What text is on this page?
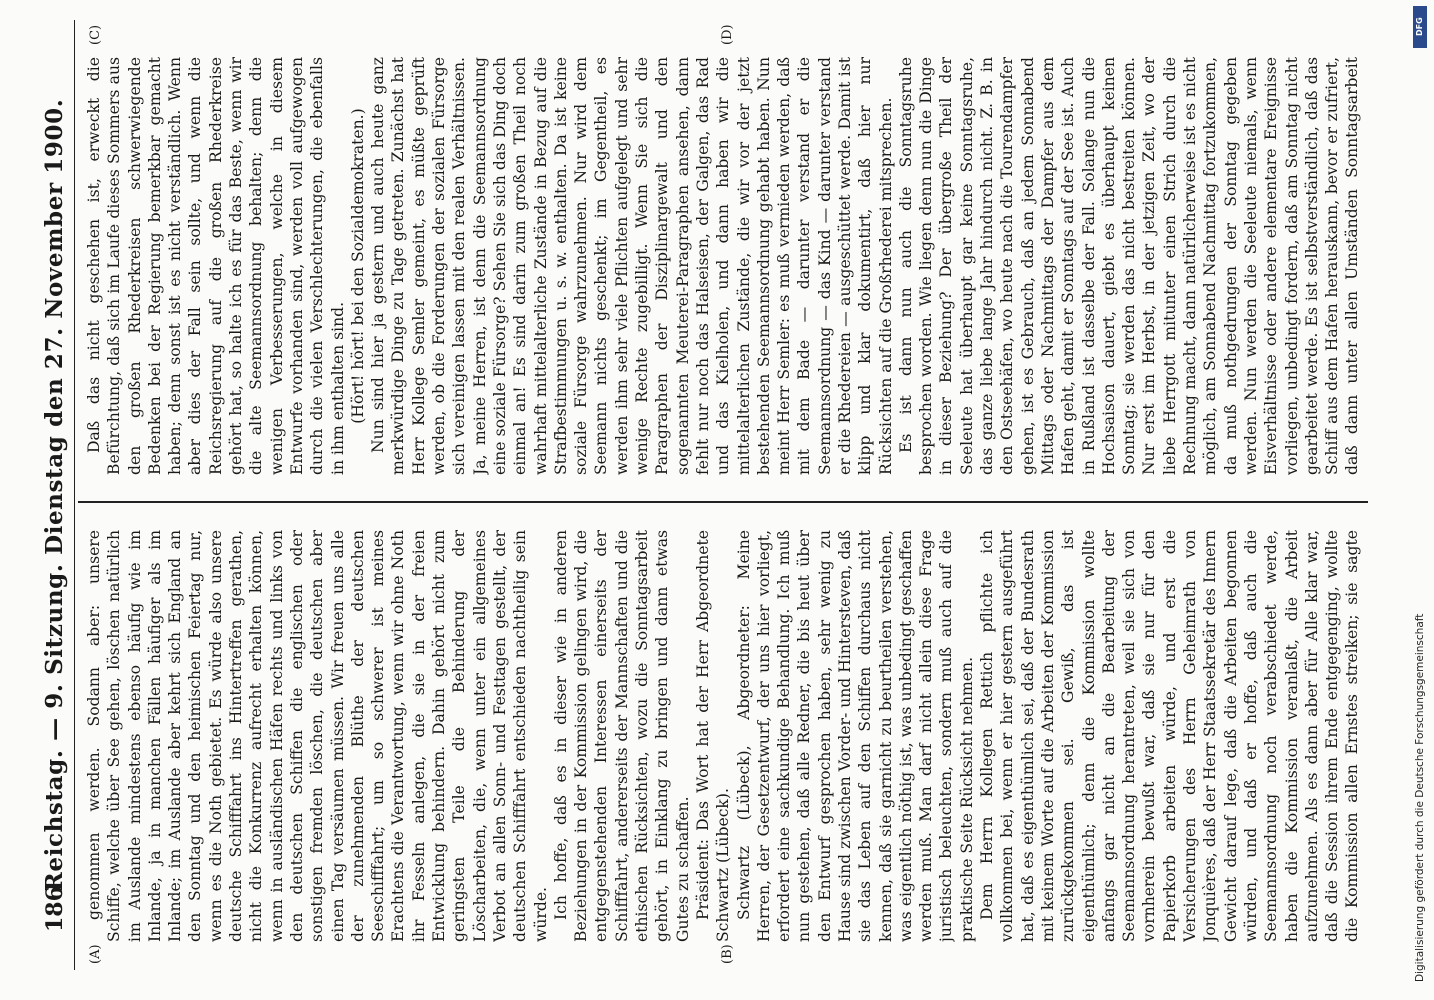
186
Reichstag. — 9. Sitzung. Dienstag den 27. November 1900.
(A)	(B)
(C)	(D)

genommen werden. Sodann aber: unsere Schiffe, welche über See gehen, löschen natürlich im Auslande mindestens ebenso häufig wie im Inlande, ja in manchen Fällen häufiger als im Inlande; im Auslande aber kehrt sich England an den Sonntag und den heimischen Feiertag nur, wenn es die Noth gebietet. Es würde also unsere deutsche Schifffahrt ins Hintertreffen gerathen, nicht die Konkurrenz aufrecht erhalten können, wenn in ausländischen Häfen rechts und links von den deutschen Schiffen die englischen oder sonstigen fremden löschen, die deutschen aber einen Tag versäumen müssen. Wir freuen uns alle der zunehmenden Blüthe der deutschen Seeschifffahrt; um so schwerer ist meines Erachtens die Verantwortung, wenn wir ohne Noth ihr Fesseln anlegen, die sie in der freien Entwicklung behindern. Dahin gehört nicht zum geringsten Teile die Behinderung der Löscharbeiten, die, wenn unter ein allgemeines Verbot an allen Sonn- und Festtagen gestellt, der deutschen Schifffahrt entschieden nachtheilig sein würde. Ich hoffe, daß es in dieser wie in anderen Beziehungen in der Kommission gelingen wird, die entgegenstehenden Interessen einerseits der Schifffahrt, andererseits der Mannschaften und die ethischen Rücksichten, wozu die Sonntagsarbeit gehört, in Einklang zu bringen und dann etwas Gutes zu schaffen. Präsident: Das Wort hat der Herr Abgeordnete Schwartz (Lübeck). Schwartz (Lübeck), Abgeordneter: Meine Herren, der Gesetzentwurf, der uns hier vorliegt, erfordert eine sachkundige Behandlung. Ich muß nun gestehen, daß alle Redner, die bis heut über den Entwurf gesprochen haben, sehr wenig zu Hause sind zwischen Vorder- und Hintersteven, daß sie das Leben auf den Schiffen durchaus nicht kennen, daß sie garnicht zu beurtheilen verstehen, was eigentlich nöthig ist, was unbedingt geschaffen werden muß. Man darf nicht allein diese Frage juristisch beleuchten, sondern muß auch auf die praktische Seite Rücksicht nehmen. Dem Herrn Kollegen Rettich pflichte ich vollkommen bei, wenn er hier gestern ausgeführt hat, daß es eigenthümlich sei, daß der Bundesrath mit keinem Worte auf die Arbeiten der Kommission zurückgekommen sei. Gewiß, das ist eigenthümlich; denn die Kommission wollte anfangs gar nicht an die Bearbeitung der Seemannsordnung herantreten, weil sie sich von vornherein bewußt war, daß sie nur für den Papierkorb arbeiten würde, und erst die Versicherungen des Herrn Geheimrath von Jonquières, daß der Herr Staatssekretär des Innern Gewicht darauf lege, daß die Arbeiten begonnen würden, und daß er hoffe, daß auch die Seemannsordnung noch verabschiedet werde, haben die Kommission veranlaßt, die Arbeit aufzunehmen. Als es dann aber für Alle klar war, daß die Session ihrem Ende entgegenging, wollte die Kommission allen Ernstes streiken; sie sagte

Daß das nicht geschehen ist, erweckt die Befürchtung, daß sich im Laufe dieses Sommers aus den großen Rhederkreisen schwerwiegende Bedenken bei der Regierung bemerkbar gemacht haben; denn sonst ist es nicht verständlich. Wenn aber dies der Fall sein sollte, und wenn die Reichsregierung auf die großen Rhederkreise gehört hat, so halte ich es für das Beste, wenn wir die alte Seemannsordnung behalten; denn die wenigen Verbesserungen, welche in diesem Entwurfe vorhanden sind, werden voll aufgewogen durch die vielen Verschlechterungen, die ebenfalls in ihm enthalten sind. (Hört! hört! bei den Sozialdemokraten.) Nun sind hier ja gestern und auch heute ganz merkwürdige Dinge zu Tage getreten. Zunächst hat Herr Kollege Semler gemeint, es müßte geprüft werden, ob die Forderungen der sozialen Fürsorge sich vereinigen lassen mit den realen Verhältnissen. Ja, meine Herren, ist denn die Seemannsordnung eine soziale Fürsorge? Sehen Sie sich das Ding doch einmal an! Es sind darin zum großen Theil noch wahrhaft mittelalterliche Zustände in Bezug auf die Strafbestimmungen u. s. w. enthalten. Da ist keine soziale Fürsorge wahrzunehmen. Nur wird dem Seemann nichts geschenkt; im Gegentheil, es werden ihm sehr viele Pflichten aufgelegt und sehr wenige Rechte zugebilligt. Wenn Sie sich die Paragraphen der Disziplinargewalt und den sogenannten Meuterei-Paragraphen ansehen, dann fehlt nur noch das Halseisen, der Galgen, das Rad und das Kielholen, und dann haben wir die mittelalterlichen Zustände, die wir vor der jetzt bestehenden Seemannsordnung gehabt haben. Nun meint Herr Semler: es muß vermieden werden, daß mit dem Bade — darunter verstand er die Seemannsordnung — das Kind — darunter verstand er die Rhedereien — ausgeschüttet werde. Damit ist klipp und klar dokumentirt, daß hier nur Rücksichten auf die Großrhederei mitsprechen. Es ist dann nun auch die Sonntagsruhe besprochen worden. Wie liegen denn nun die Dinge in dieser Beziehung? Der übergroße Theil der Seeleute hat überhaupt gar keine Sonntagsruhe, das ganze liebe lange Jahr hindurch nicht. Z. B. in den Ostseehäfen, wo heute nach die Tourendampfer gehen, ist es Gebrauch, daß an jedem Sonnabend Mittags oder Nachmittags der Dampfer aus dem Hafen geht, damit er Sonntags auf der See ist. Auch in Rußland ist dasselbe der Fall. Solange nun die Hochsaison dauert, giebt es überhaupt keinen Sonntag; sie werden das nicht bestreiten können. Nur erst im Herbst, in der jetzigen Zeit, wo der liebe Herrgott mitunter einen Strich durch die Rechnung macht, dann natürlicherweise ist es nicht möglich, am Sonnabend Nachmittag fortzukommen, da muß nothgedrungen der Sonntag gegeben werden. Nun werden die Seeleute niemals, wenn Eisverhältnisse oder andere elementare Ereignisse vorliegen, unbedingt fordern, daß am Sonntag nicht gearbeitet werde. Es ist selbstverständlich, daß das Schiff aus dem Hafen herauskann, bevor er zufriert, daß dann unter allen Umständen Sonntagsarbeit

DFG
Digitalisierung gefördert durch die Deutsche Forschungsgemeinschaft
